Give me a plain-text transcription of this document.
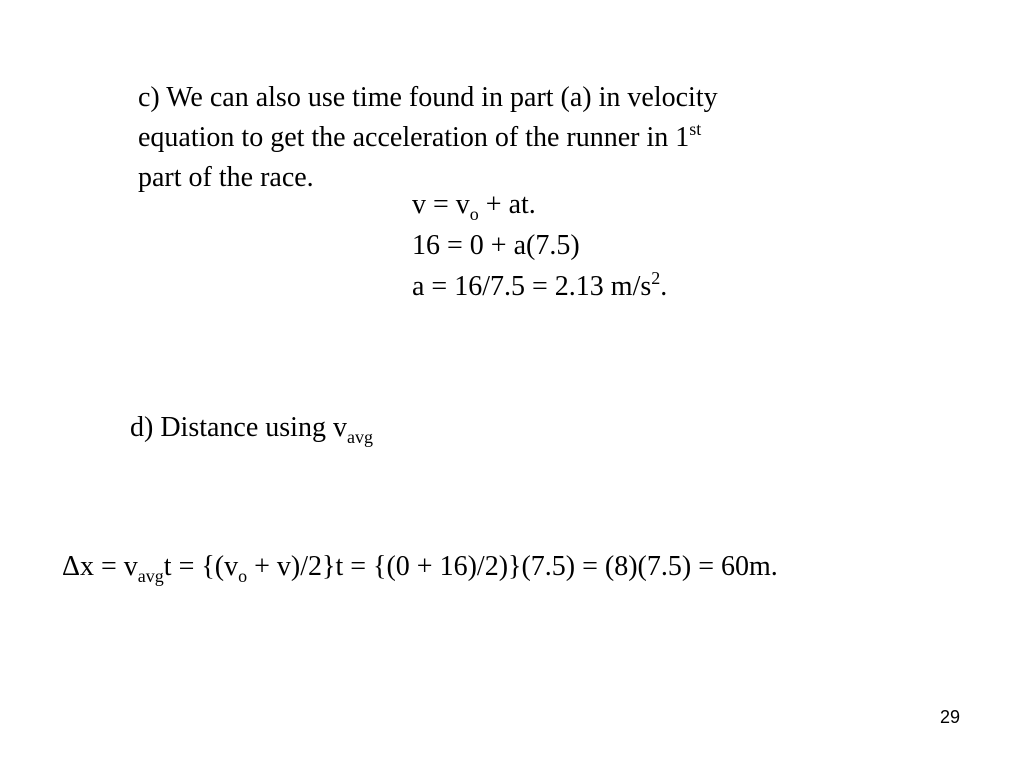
c) We can also use time found in part (a) in velocity
equation to get the acceleration of the runner in 1st
part of the race.
$v = v_o$ + at.
16 = 0 + a(7.5)
a = 16/7.5 = 2.13 $m/s^2$.
d) Distance using $v_{avg}$
$\Delta x = v_{avg}t = \{(v_o + v)/2\}t = \{(0 + 16)/2)\}(7.5) = (8)(7.5) = 60m$.
29
